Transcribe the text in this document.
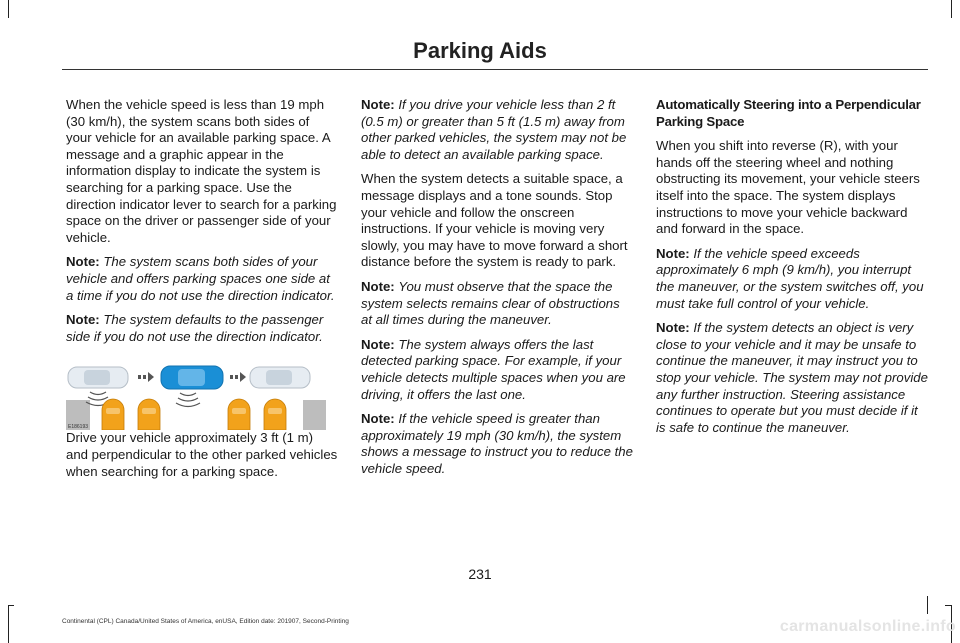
Parking Aids

When the vehicle speed is less than 19 mph (30 km/h), the system scans both sides of your vehicle for an available parking space. A message and a graphic appear in the information display to indicate the system is searching for a parking space. Use the direction indicator lever to search for a parking space on the driver or passenger side of your vehicle.

Note: The system scans both sides of your vehicle and offers parking spaces one side at a time if you do not use the direction indicator.

Note: The system defaults to the passenger side if you do not use the direction indicator.

Drive your vehicle approximately 3 ft (1 m) and perpendicular to the other parked vehicles when searching for a parking space.

E186193

Note: If you drive your vehicle less than 2 ft (0.5 m) or greater than 5 ft (1.5 m) away from other parked vehicles, the system may not be able to detect an available parking space.

When the system detects a suitable space, a message displays and a tone sounds. Stop your vehicle and follow the onscreen instructions. If your vehicle is moving very slowly, you may have to move forward a short distance before the system is ready to park.

Note: You must observe that the space the system selects remains clear of obstructions at all times during the maneuver.

Note: The system always offers the last detected parking space. For example, if your vehicle detects multiple spaces when you are driving, it offers the last one.

Note: If the vehicle speed is greater than approximately 19 mph (30 km/h), the system shows a message to instruct you to reduce the vehicle speed.

Automatically Steering into a Perpendicular Parking Space

When you shift into reverse (R), with your hands off the steering wheel and nothing obstructing its movement, your vehicle steers itself into the space. The system displays instructions to move your vehicle backward and forward in the space.

Note: If the vehicle speed exceeds approximately 6 mph (9 km/h), you interrupt the maneuver, or the system switches off, you must take full control of your vehicle.

Note: If the system detects an object is very close to your vehicle and it may be unsafe to continue the maneuver, it may instruct you to stop your vehicle. The system may not provide any further instruction. Steering assistance continues to operate but you must decide if it is safe to continue the maneuver.

231
Continental (CPL) Canada/United States of America, enUSA, Edition date: 201907, Second-Printing	carmanualsonline.info
